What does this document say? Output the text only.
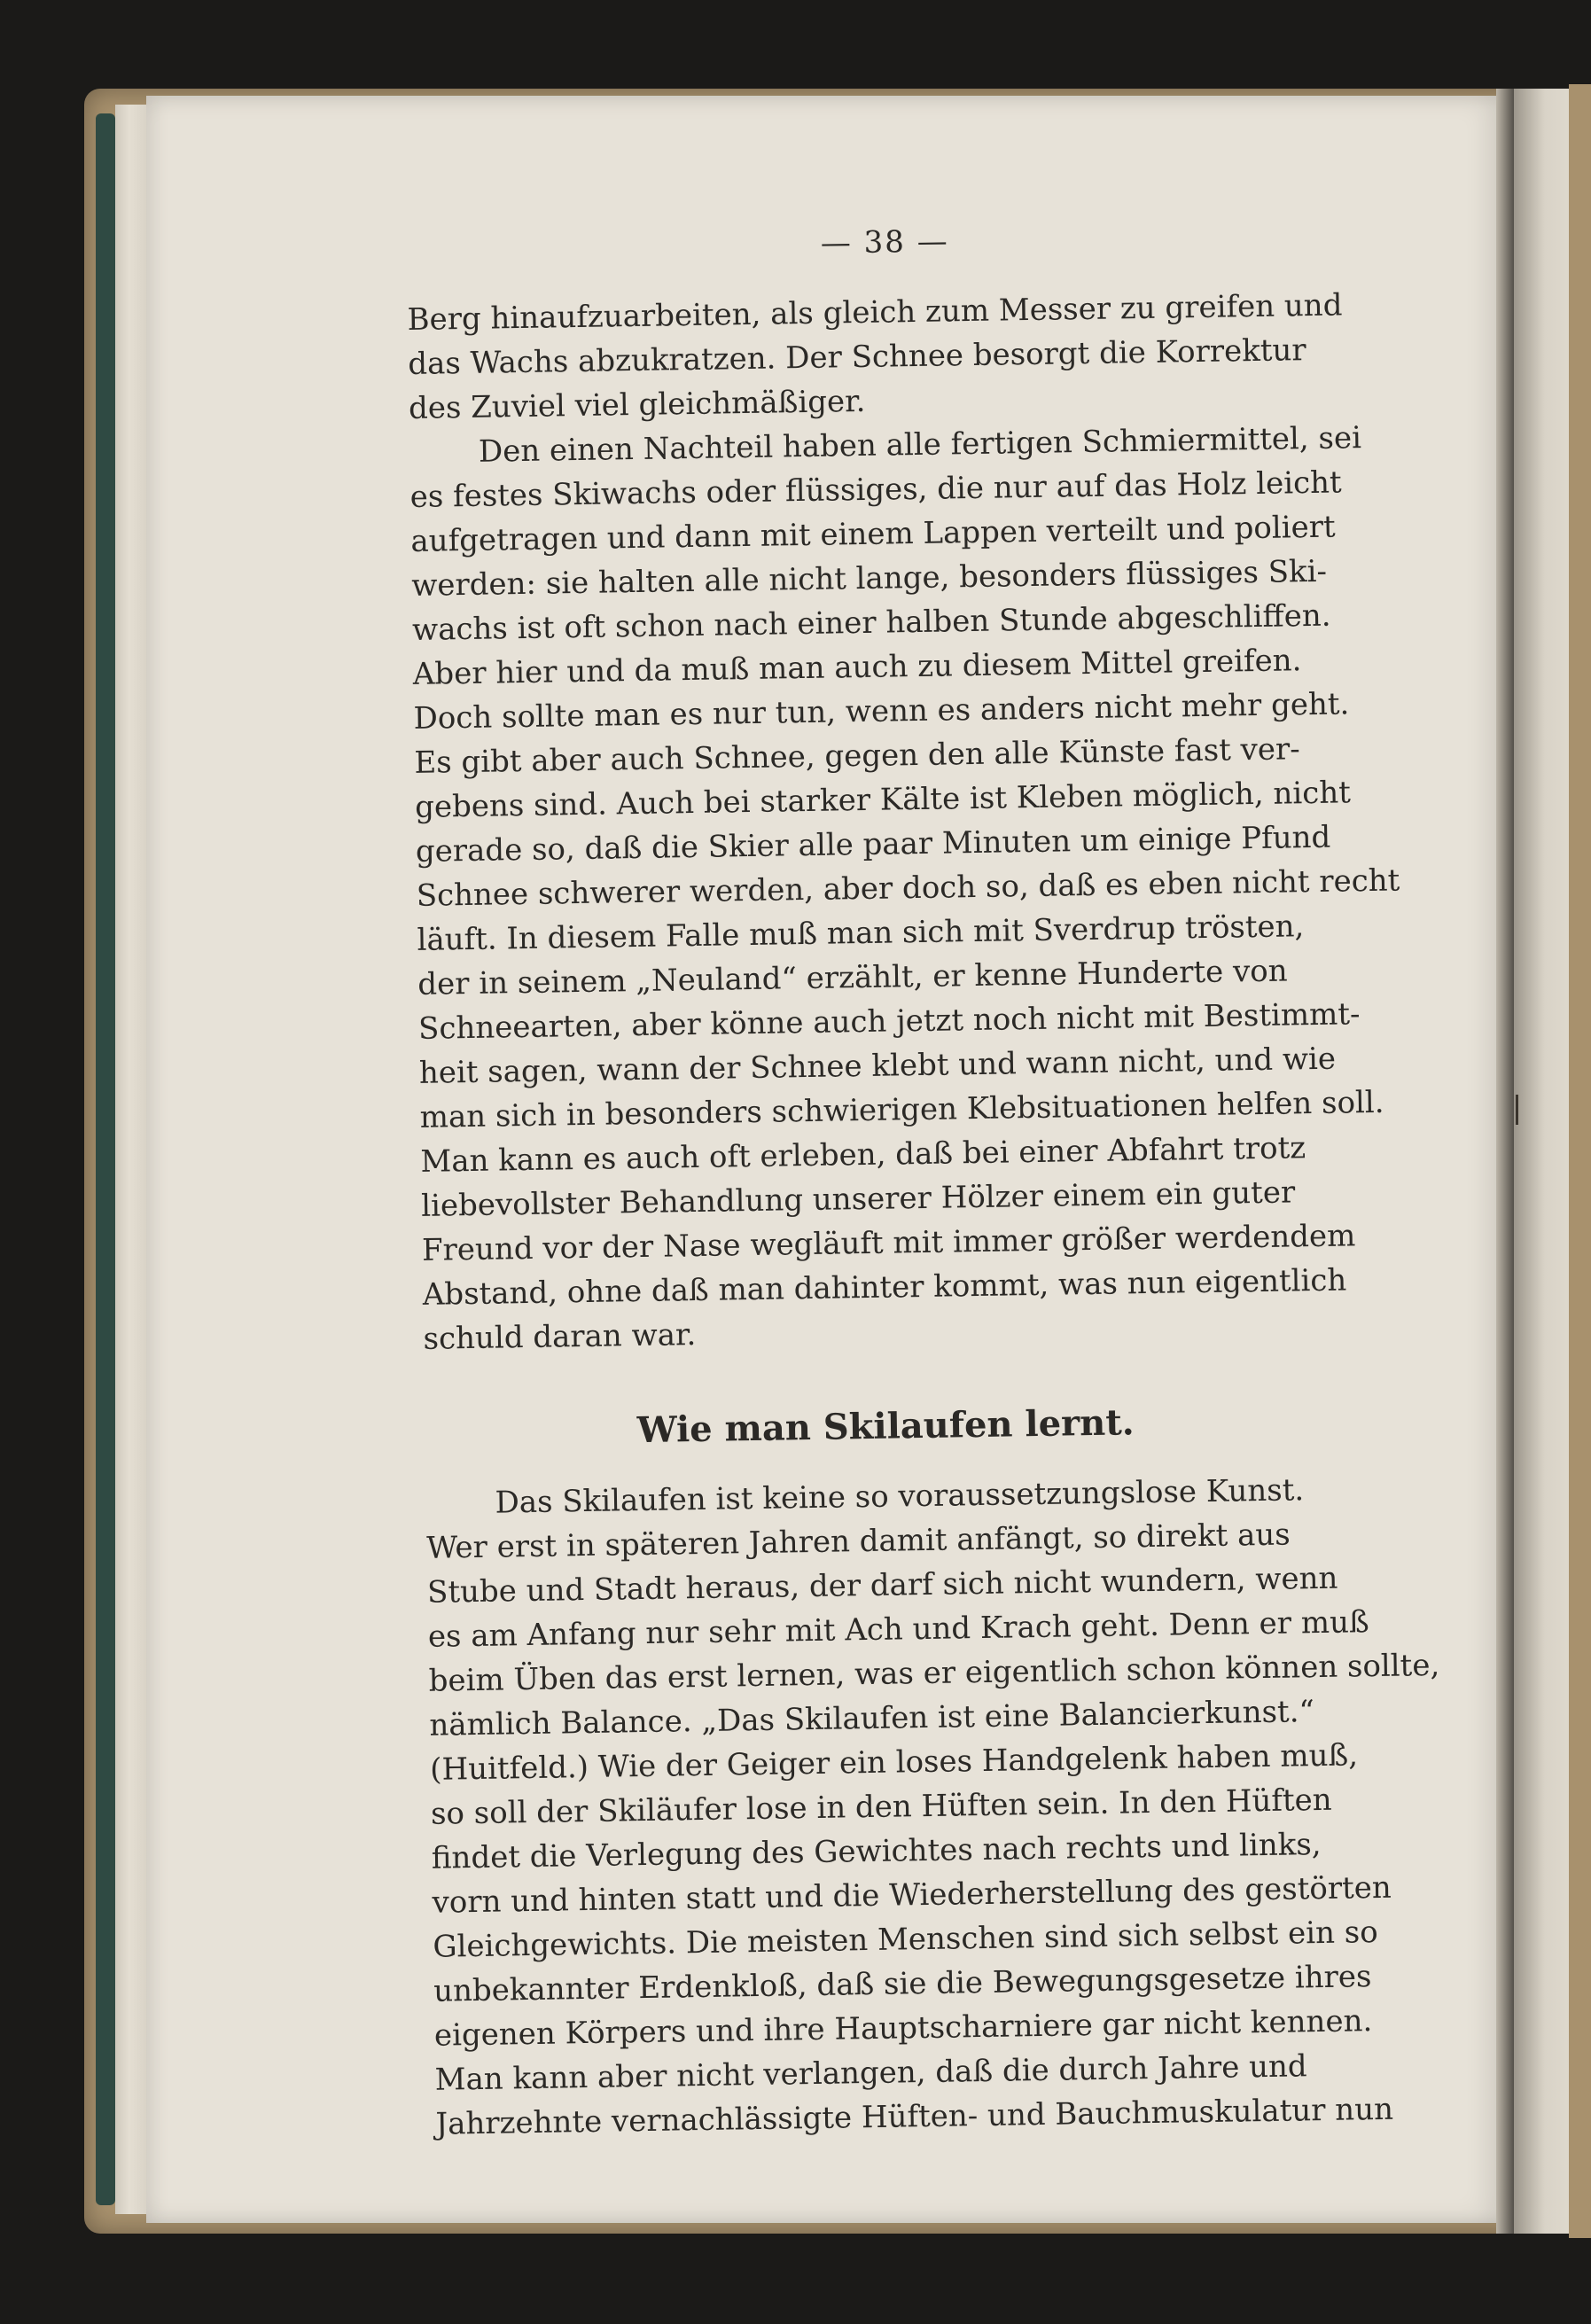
— 38 —
Berg hinaufzuarbeiten, als gleich zum Messer zu greifen und
das Wachs abzukratzen. Der Schnee besorgt die Korrektur
des Zuviel viel gleichmäßiger.
Den einen Nachteil haben alle fertigen Schmiermittel, sei
es festes Skiwachs oder flüssiges, die nur auf das Holz leicht
aufgetragen und dann mit einem Lappen verteilt und poliert
werden: sie halten alle nicht lange, besonders flüssiges Ski-
wachs ist oft schon nach einer halben Stunde abgeschliffen.
Aber hier und da muß man auch zu diesem Mittel greifen.
Doch sollte man es nur tun, wenn es anders nicht mehr geht.
Es gibt aber auch Schnee, gegen den alle Künste fast ver-
gebens sind. Auch bei starker Kälte ist Kleben möglich, nicht
gerade so, daß die Skier alle paar Minuten um einige Pfund
Schnee schwerer werden, aber doch so, daß es eben nicht recht
läuft. In diesem Falle muß man sich mit Sverdrup trösten,
der in seinem „Neuland“ erzählt, er kenne Hunderte von
Schneearten, aber könne auch jetzt noch nicht mit Bestimmt-
heit sagen, wann der Schnee klebt und wann nicht, und wie
man sich in besonders schwierigen Klebsituationen helfen soll.
Man kann es auch oft erleben, daß bei einer Abfahrt trotz
liebevollster Behandlung unserer Hölzer einem ein guter
Freund vor der Nase wegläuft mit immer größer werdendem
Abstand, ohne daß man dahinter kommt, was nun eigentlich
schuld daran war.
Wie man Skilaufen lernt.
Das Skilaufen ist keine so voraussetzungslose Kunst.
Wer erst in späteren Jahren damit anfängt, so direkt aus
Stube und Stadt heraus, der darf sich nicht wundern, wenn
es am Anfang nur sehr mit Ach und Krach geht. Denn er muß
beim Üben das erst lernen, was er eigentlich schon können sollte,
nämlich Balance. „Das Skilaufen ist eine Balancierkunst.“
(Huitfeld.) Wie der Geiger ein loses Handgelenk haben muß,
so soll der Skiläufer lose in den Hüften sein. In den Hüften
findet die Verlegung des Gewichtes nach rechts und links,
vorn und hinten statt und die Wiederherstellung des gestörten
Gleichgewichts. Die meisten Menschen sind sich selbst ein so
unbekannter Erdenkloß, daß sie die Bewegungsgesetze ihres
eigenen Körpers und ihre Hauptscharniere gar nicht kennen.
Man kann aber nicht verlangen, daß die durch Jahre und
Jahrzehnte vernachlässigte Hüften- und Bauchmuskulatur nun
